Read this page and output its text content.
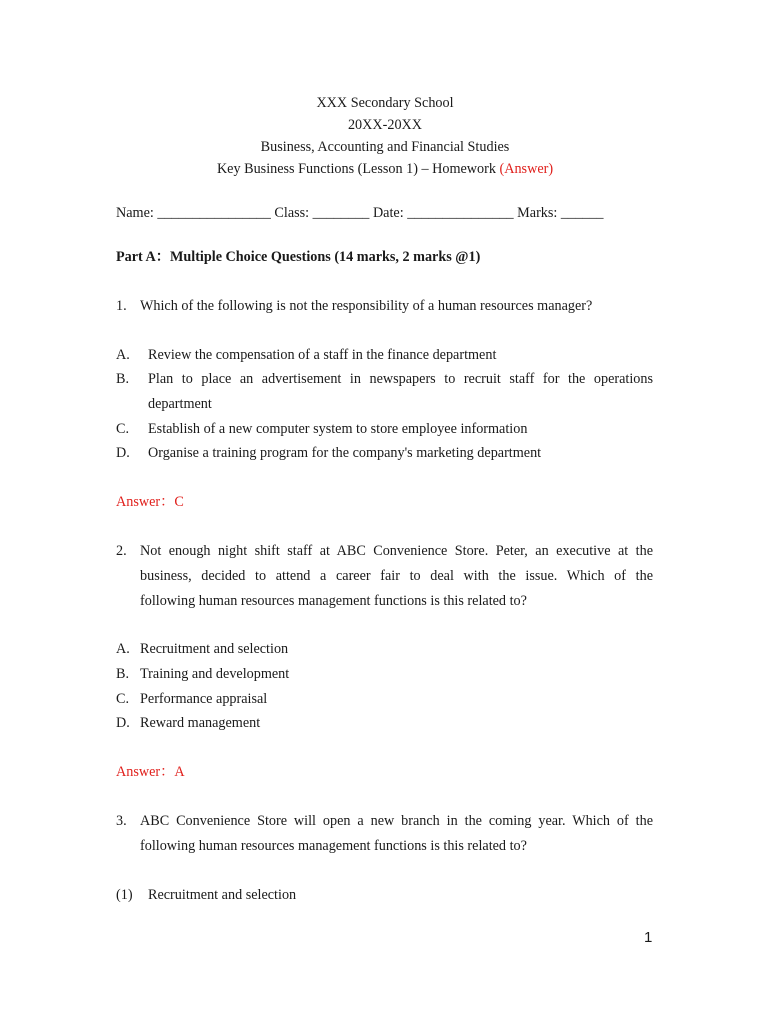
XXX Secondary School
20XX-20XX
Business, Accounting and Financial Studies
Key Business Functions (Lesson 1) – Homework (Answer)
Name: ________________ Class: ________ Date: _______________ Marks: ______
Part A：Multiple Choice Questions (14 marks, 2 marks @1)
1. Which of the following is not the responsibility of a human resources manager?
A. Review the compensation of a staff in the finance department
B. Plan to place an advertisement in newspapers to recruit staff for the operations
department
C. Establish of a new computer system to store employee information
D. Organise a training program for the company's marketing department
Answer：C
2. Not enough night shift staff at ABC Convenience Store. Peter, an executive at the
business, decided to attend a career fair to deal with the issue. Which of the
following human resources management functions is this related to?
A. Recruitment and selection
B. Training and development
C. Performance appraisal
D. Reward management
Answer：A
3. ABC Convenience Store will open a new branch in the coming year. Which of the
following human resources management functions is this related to?
(1) Recruitment and selection
1
